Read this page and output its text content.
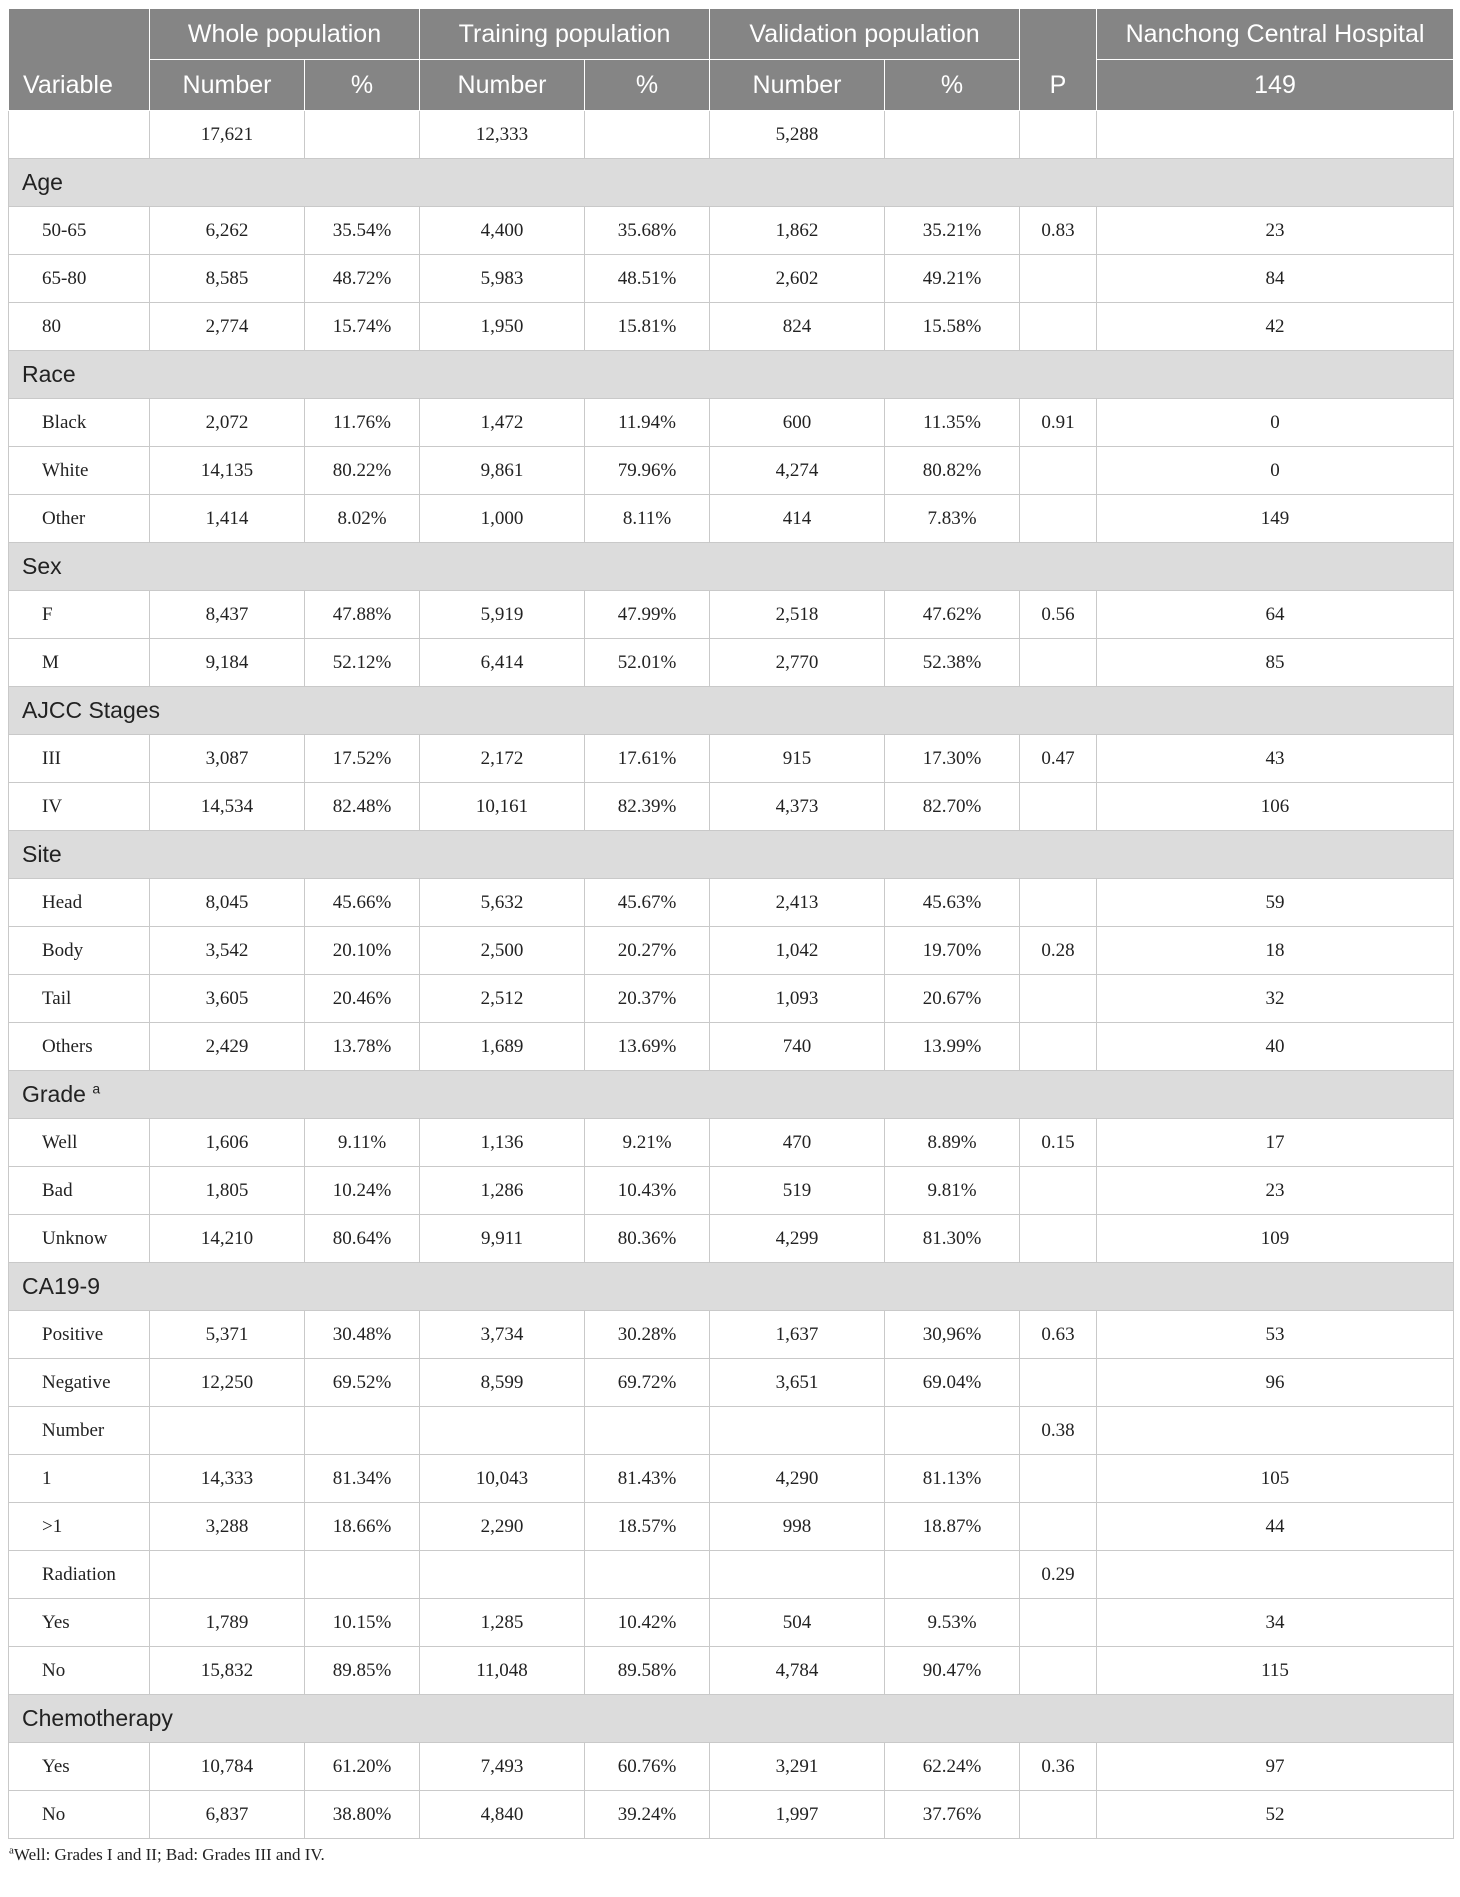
Variable	Whole population		Training population		Validation population		P	Nanchong Central Hospital
	Number	%	Number	%	Number	%		149
	17,621		12,333		5,288			
Age								
50-65	6,262	35.54%	4,400	35.68%	1,862	35.21%	0.83	23
65-80	8,585	48.72%	5,983	48.51%	2,602	49.21%		84
80	2,774	15.74%	1,950	15.81%	824	15.58%		42
Race								
Black	2,072	11.76%	1,472	11.94%	600	11.35%	0.91	0
White	14,135	80.22%	9,861	79.96%	4,274	80.82%		0
Other	1,414	8.02%	1,000	8.11%	414	7.83%		149
Sex								
F	8,437	47.88%	5,919	47.99%	2,518	47.62%	0.56	64
M	9,184	52.12%	6,414	52.01%	2,770	52.38%		85
AJCC Stages								
III	3,087	17.52%	2,172	17.61%	915	17.30%	0.47	43
IV	14,534	82.48%	10,161	82.39%	4,373	82.70%		106
Site								
Head	8,045	45.66%	5,632	45.67%	2,413	45.63%		59
Body	3,542	20.10%	2,500	20.27%	1,042	19.70%	0.28	18
Tail	3,605	20.46%	2,512	20.37%	1,093	20.67%		32
Others	2,429	13.78%	1,689	13.69%	740	13.99%		40
Grade $^a$
Well	1,606	9.11%	1,136	9.21%	470	8.89%	0.15	17
Bad	1,805	10.24%	1,286	10.43%	519	9.81%		23
Unknow	14,210	80.64%	9,911	80.36%	4,299	81.30%		109
CA19-9								
Positive	5,371	30.48%	3,734	30.28%	1,637	30,96%	0.63	53
Negative	12,250	69.52%	8,599	69.72%	3,651	69.04%		96
Number							0.38	
1	14,333	81.34%	10,043	81.43%	4,290	81.13%		105
>1	3,288	18.66%	2,290	18.57%	998	18.87%		44
Radiation							0.29	
Yes	1,789	10.15%	1,285	10.42%	504	9.53%		34
No	15,832	89.85%	11,048	89.58%	4,784	90.47%		115
Chemotherapy								
Yes	10,784	61.20%	7,493	60.76%	3,291	62.24%	0.36	97
No	6,837	38.80%	4,840	39.24%	1,997	37.76%		52
$^a$Well: Grades I and II; Bad: Grades III and IV.
